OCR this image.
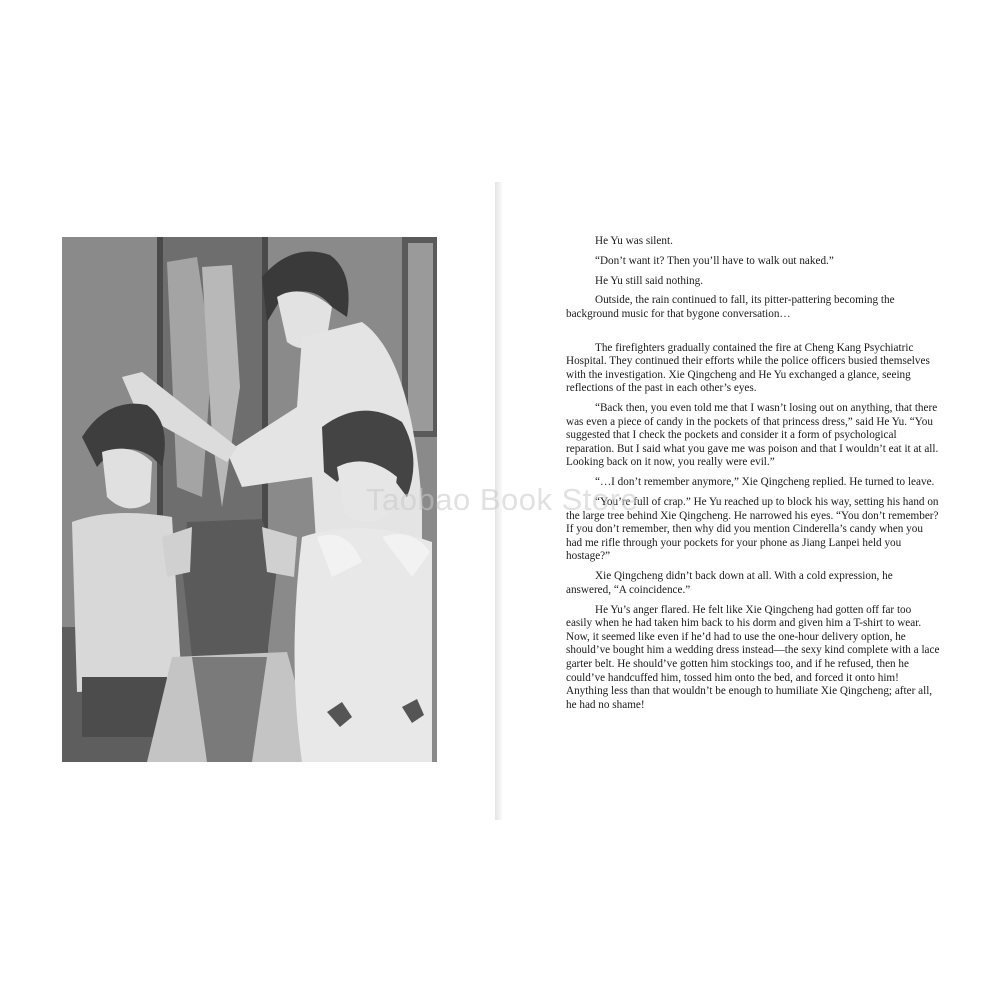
He Yu was silent.

“Don’t want it? Then you’ll have to walk out naked.”

He Yu still said nothing.

Outside, the rain continued to fall, its pitter-pattering becoming the background music for that bygone conversation…

The firefighters gradually contained the fire at Cheng Kang Psychiatric Hospital. They continued their efforts while the police officers busied themselves with the investigation. Xie Qingcheng and He Yu exchanged a glance, seeing reflections of the past in each other’s eyes.

“Back then, you even told me that I wasn’t losing out on anything, that there was even a piece of candy in the pockets of that princess dress,” said He Yu. “You suggested that I check the pockets and consider it a form of psychological reparation. But I said what you gave me was poison and that I wouldn’t eat it at all. Looking back on it now, you really were evil.”

“…I don’t remember anymore,” Xie Qingcheng replied. He turned to leave.

“You’re full of crap.” He Yu reached up to block his way, setting his hand on the large tree behind Xie Qingcheng. He narrowed his eyes. “You don’t remember? If you don’t remember, then why did you mention Cinderella’s candy when you had me rifle through your pockets for your phone as Jiang Lanpei held you hostage?”

Xie Qingcheng didn’t back down at all. With a cold expression, he answered, “A coincidence.”

He Yu’s anger flared. He felt like Xie Qingcheng had gotten off far too easily when he had taken him back to his dorm and given him a T-shirt to wear. Now, it seemed like even if he’d had to use the one-hour delivery option, he should’ve bought him a wedding dress instead—the sexy kind complete with a lace garter belt. He should’ve gotten him stockings too, and if he refused, then he could’ve handcuffed him, tossed him onto the bed, and forced it onto him! Anything less than that wouldn’t be enough to humiliate Xie Qingcheng; after all, he had no shame!

Taobao Book Store
